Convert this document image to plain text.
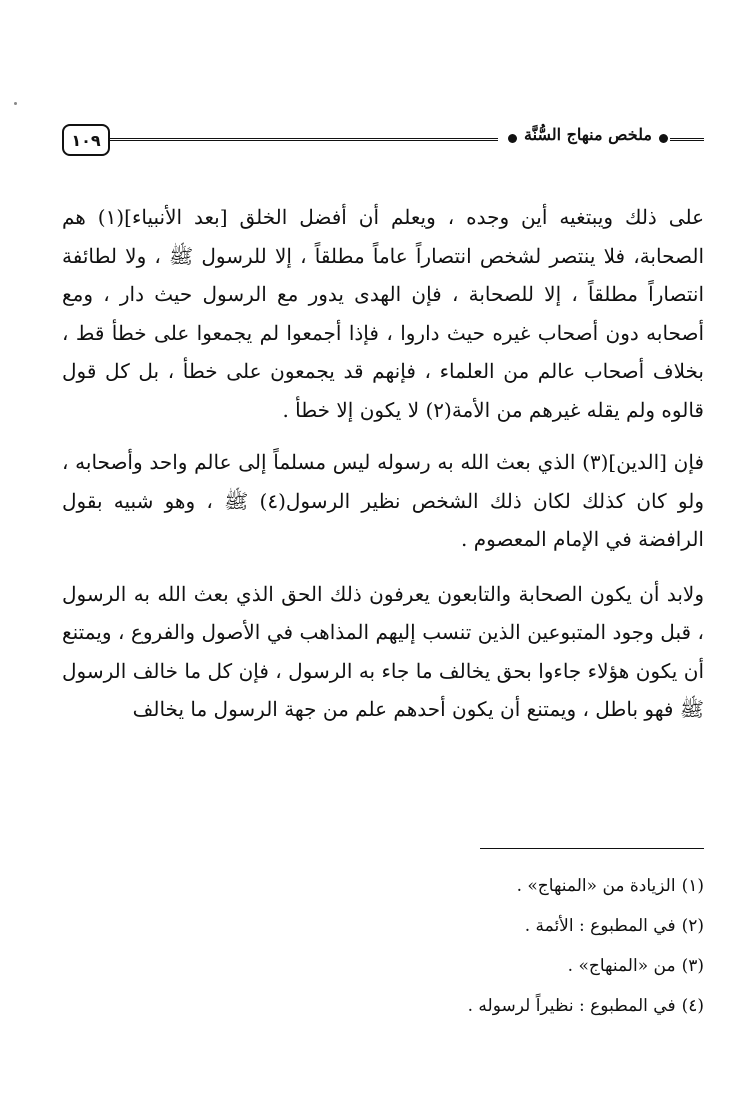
١٠٩	ملخص منهاج السُّنَّة

على ذلك ويبتغيه أين وجده ، ويعلم أن أفضل الخلق [بعد الأنبياء](١) هم الصحابة، فلا ينتصر لشخص انتصاراً عاماً مطلقاً ، إلا للرسول ﷺ ، ولا لطائفة انتصاراً مطلقاً ، إلا للصحابة ، فإن الهدى يدور مع الرسول حيث دار ، ومع أصحابه دون أصحاب غيره حيث داروا ، فإذا أجمعوا لم يجمعوا على خطأ قط ، بخلاف أصحاب عالم من العلماء ، فإنهم قد يجمعون على خطأ ، بل كل قول قالوه ولم يقله غيرهم من الأمة(٢) لا يكون إلا خطأ .

فإن [الدين](٣) الذي بعث الله به رسوله ليس مسلماً إلى عالم واحد وأصحابه ، ولو كان كذلك لكان ذلك الشخص نظير الرسول(٤) ﷺ ، وهو شبيه بقول الرافضة في الإمام المعصوم .

ولابد أن يكون الصحابة والتابعون يعرفون ذلك الحق الذي بعث الله به الرسول ، قبل وجود المتبوعين الذين تنسب إليهم المذاهب في الأصول والفروع ، ويمتنع أن يكون هؤلاء جاءوا بحق يخالف ما جاء به الرسول ، فإن كل ما خالف الرسول ﷺ فهو باطل ، ويمتنع أن يكون أحدهم علم من جهة الرسول ما يخالف

(١)الزيادة من «المنهاج» .
(٢)في المطبوع : الأئمة .
(٣)من «المنهاج» .
(٤)في المطبوع : نظيراً لرسوله .
